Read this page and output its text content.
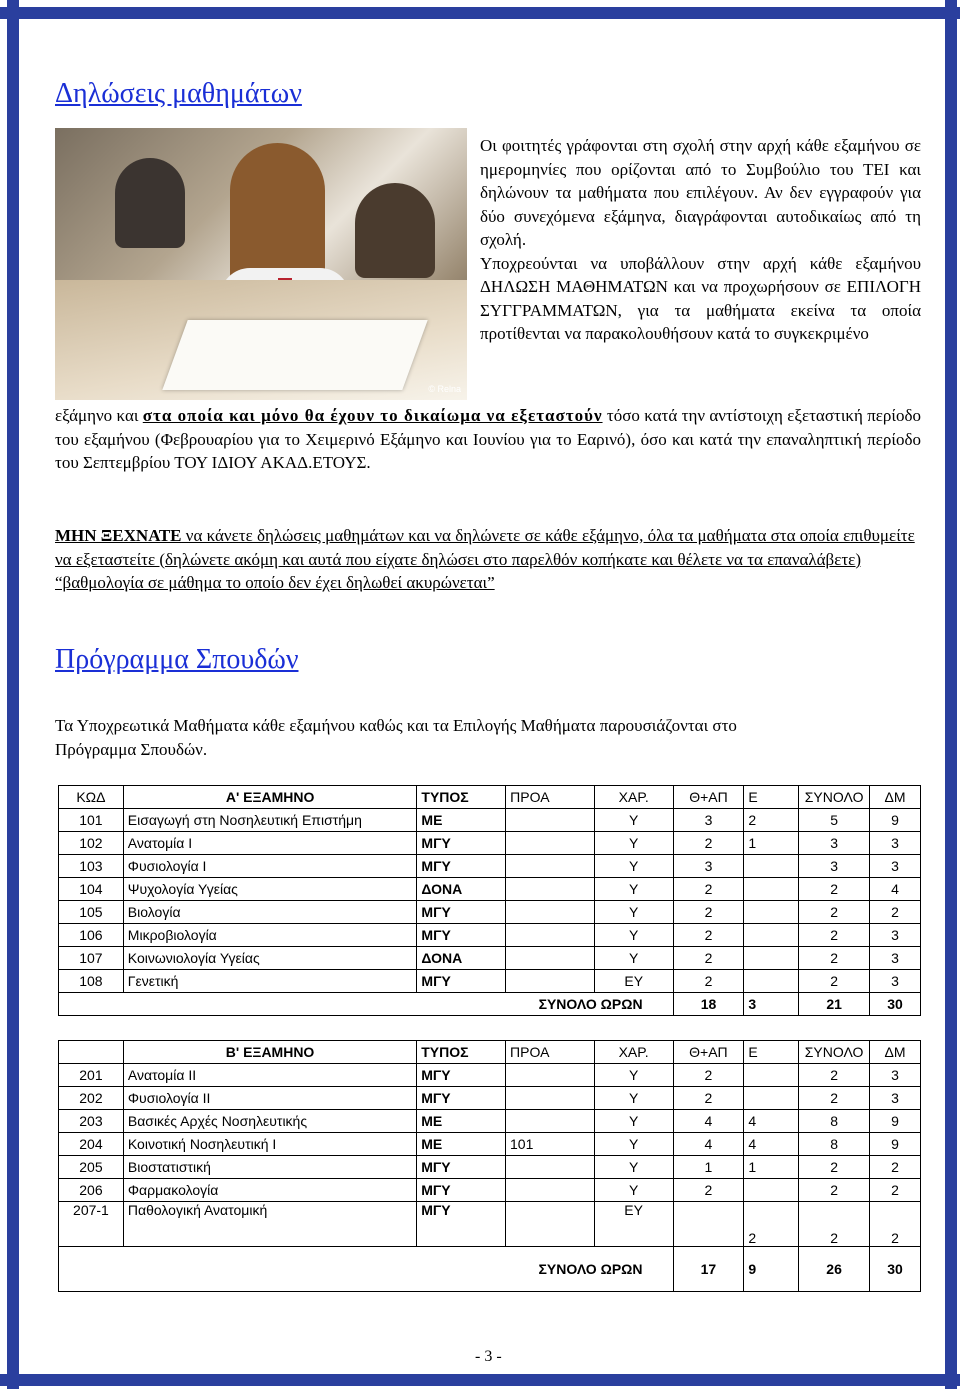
Δηλώσεις μαθημάτων
© Relna

Οι φοιτητές γράφονται στη σχολή στην αρχή κάθε εξαμήνου σε ημερομηνίες που ορίζονται από το Συμβούλιο του ΤΕΙ και δηλώνουν τα μαθήματα που επιλέγουν. Αν δεν εγγραφούν για δύο συνεχόμενα εξάμηνα, διαγράφονται αυτοδικαίως από τη σχολή.

Υποχρεούνται να υποβάλλουν στην αρχή κάθε εξαμήνου ΔΗΛΩΣΗ ΜΑΘΗΜΑΤΩΝ και να προχωρήσουν σε ΕΠΙΛΟΓΗ ΣΥΓΓΡΑΜΜΑΤΩΝ, για τα μαθήματα εκείνα τα οποία προτίθενται να παρακολουθήσουν κατά το συγκεκριμένο

εξάμηνο και στα οποία και μόνο θα έχουν το δικαίωμα να εξεταστούν τόσο κατά την αντίστοιχη εξεταστική περίοδο του εξαμήνου (Φεβρουαρίου για το Χειμερινό Εξάμηνο και Ιουνίου για το Εαρινό), όσο και κατά την επαναληπτική περίοδο του Σεπτεμβρίου ΤΟΥ ΙΔΙΟΥ ΑΚΑΔ.ΕΤΟΥΣ.
ΜΗΝ ΞΕΧΝΑΤΕ να κάνετε δηλώσεις μαθημάτων και να δηλώνετε σε κάθε εξάμηνο, όλα τα μαθήματα στα οποία επιθυμείτε να εξεταστείτε (δηλώνετε ακόμη και αυτά που είχατε δηλώσει στο παρελθόν κοπήκατε και θέλετε να τα επαναλάβετε)
“βαθμολογία σε μάθημα το οποίο δεν έχει δηλωθεί ακυρώνεται”
Πρόγραμμα Σπουδών
Τα Υποχρεωτικά Μαθήματα κάθε εξαμήνου καθώς και τα Επιλογής Μαθήματα παρουσιάζονται στο Πρόγραμμα Σπουδών.
ΚΩΔ	Α' ΕΞΑΜΗΝΟ	ΤΥΠΟΣ	ΠΡΟΑ	ΧΑΡ.	Θ+ΑΠ	Ε	ΣΥΝΟΛΟ	ΔΜ
101	Εισαγωγή στη Νοσηλευτική Επιστήμη	ΜΕ		Υ	3	2	5	9
102	Ανατομία Ι	ΜΓΥ		Υ	2	1	3	3
103	Φυσιολογία Ι	ΜΓΥ		Υ	3		3	3
104	Ψυχολογία Υγείας	ΔΟΝΑ		Υ	2		2	4
105	Βιολογία	ΜΓΥ		Υ	2		2	2
106	Μικροβιολογία	ΜΓΥ		Υ	2		2	3
107	Κοινωνιολογία Υγείας	ΔΟΝΑ		Υ	2		2	3
108	Γενετική	ΜΓΥ		ΕΥ	2		2	3
ΣΥΝΟΛΟ ΩΡΩΝ					18	3	21	30
	Β' ΕΞΑΜΗΝΟ	ΤΥΠΟΣ	ΠΡΟΑ	ΧΑΡ.	Θ+ΑΠ	Ε	ΣΥΝΟΛΟ	ΔΜ
201	Ανατομία ΙΙ	ΜΓΥ		Υ	2		2	3
202	Φυσιολογία ΙΙ	ΜΓΥ		Υ	2		2	3
203	Βασικές Αρχές Νοσηλευτικής	ΜΕ		Υ	4	4	8	9
204	Κοινοτική Νοσηλευτική Ι	ΜΕ	101	Υ	4	4	8	9
205	Βιοστατιστική	ΜΓΥ		Υ	1	1	2	2
206	Φαρμακολογία	ΜΓΥ		Υ	2		2	2
207-1	Παθολογική Ανατομική	ΜΓΥ		ΕΥ		2	2	2
ΣΥΝΟΛΟ ΩΡΩΝ					17	9	26	30
- 3 -
